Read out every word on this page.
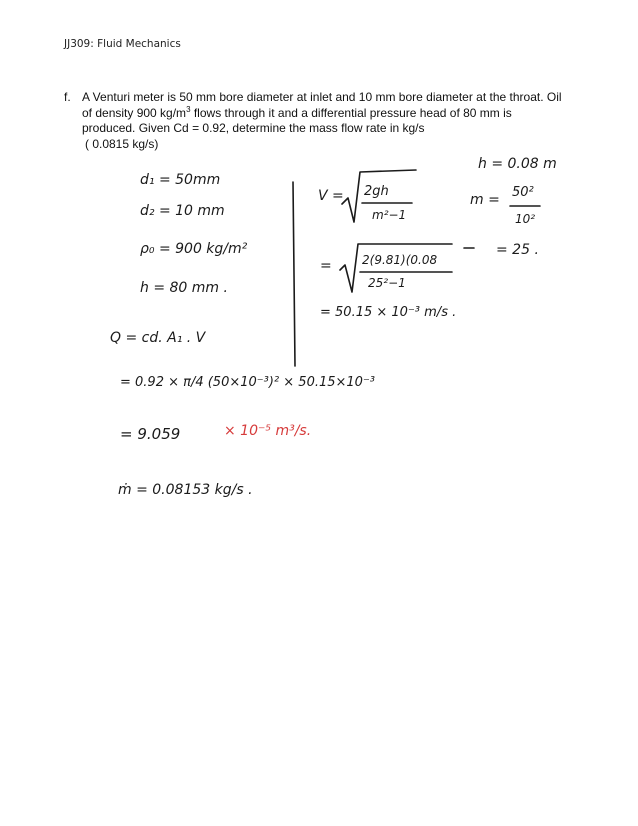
JJ309: Fluid Mechanics
f. A Venturi meter is 50 mm bore diameter at inlet and 10 mm bore diameter at the throat. Oil of density 900 $kg/m^3$ flows through it and a differential pressure head of 80 mm is produced. Given Cd = 0.92, determine the mass flow rate in kg/s
( 0.0815 kg/s)
d₁ = 50mm
d₂ = 10 mm
ρ₀ = 900 kg/m²
h = 80 mm .
Q = cd. A₁ . V
= 0.92 × π/4 (50×10⁻³)² × 50.15×10⁻³
= 9.059	× 10⁻⁵ m³/s.
ṁ = 0.08153 kg/s .
V = 2gh
m²−1
=	2(9.81)(0.08
25²−1
= 50.15 × 10⁻³ m/s .
h = 0.08 m
m = 50²
10²
= 25 .
